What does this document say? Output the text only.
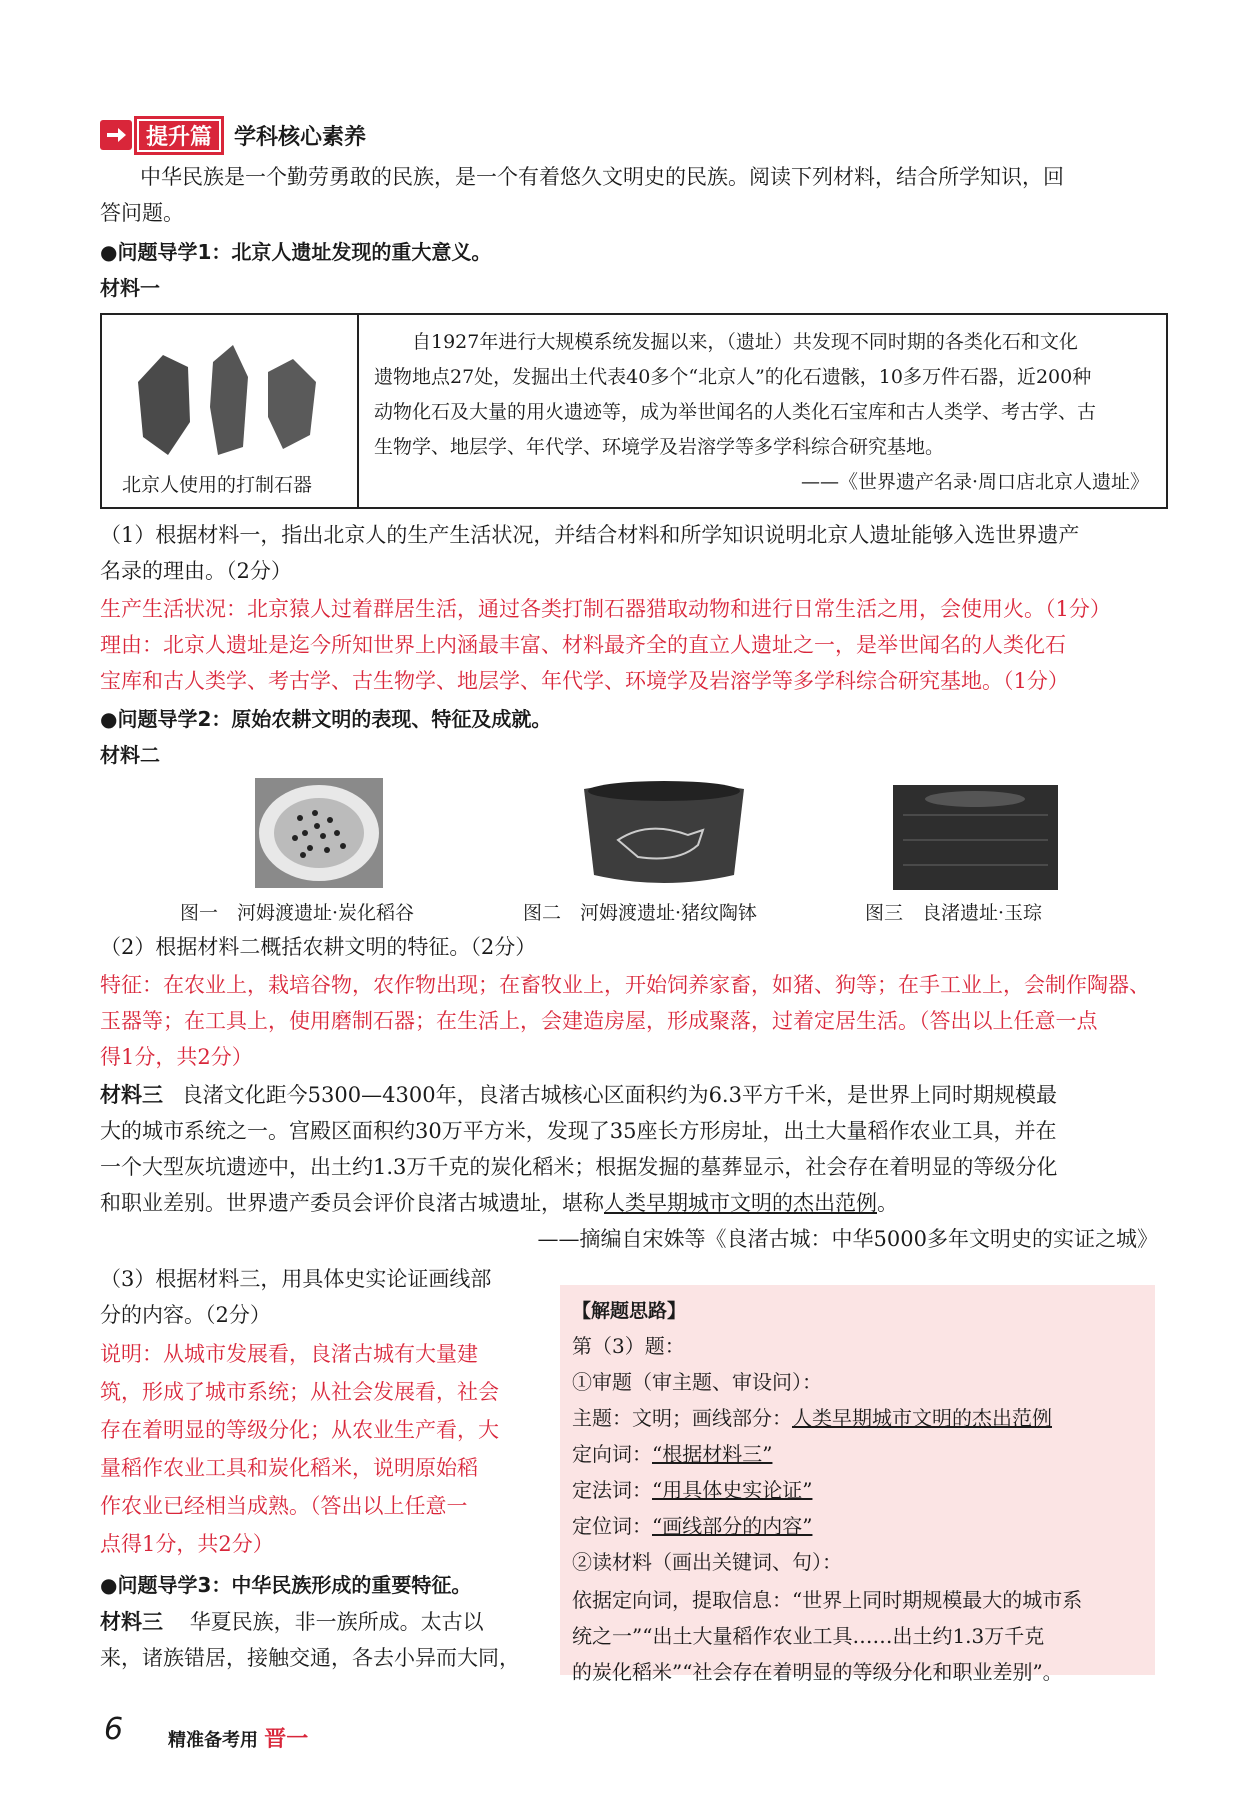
提升篇	学科核心素养
中华民族是一个勤劳勇敢的民族，是一个有着悠久文明史的民族。阅读下列材料，结合所学知识，回
答问题。
●问题导学1：北京人遗址发现的重大意义。
材料一
北京人使用的打制石器
自1927年进行大规模系统发掘以来，（遗址）共发现不同时期的各类化石和文化
遗物地点27处，发掘出土代表40多个“北京人”的化石遗骸，10多万件石器，近200种
动物化石及大量的用火遗迹等，成为举世闻名的人类化石宝库和古人类学、考古学、古
生物学、地层学、年代学、环境学及岩溶学等多学科综合研究基地。
——《世界遗产名录·周口店北京人遗址》
（1）根据材料一，指出北京人的生产生活状况，并结合材料和所学知识说明北京人遗址能够入选世界遗产
名录的理由。（2分）
生产生活状况：北京猿人过着群居生活，通过各类打制石器猎取动物和进行日常生活之用，会使用火。（1分）
理由：北京人遗址是迄今所知世界上内涵最丰富、材料最齐全的直立人遗址之一，是举世闻名的人类化石
宝库和古人类学、考古学、古生物学、地层学、年代学、环境学及岩溶学等多学科综合研究基地。（1分）
●问题导学2：原始农耕文明的表现、特征及成就。
材料二
图一　河姆渡遗址·炭化稻谷	图二　河姆渡遗址·猪纹陶钵	图三　良渚遗址·玉琮
（2）根据材料二概括农耕文明的特征。（2分）
特征：在农业上，栽培谷物，农作物出现；在畜牧业上，开始饲养家畜，如猪、狗等；在手工业上，会制作陶器、
玉器等；在工具上，使用磨制石器；在生活上，会建造房屋，形成聚落，过着定居生活。（答出以上任意一点
得1分，共2分）
材料三 良渚文化距今5300—4300年，良渚古城核心区面积约为6.3平方千米，是世界上同时期规模最
大的城市系统之一。宫殿区面积约30万平方米，发现了35座长方形房址，出土大量稻作农业工具，并在
一个大型灰坑遗迹中，出土约1.3万千克的炭化稻米；根据发掘的墓葬显示，社会存在着明显的等级分化
和职业差别。世界遗产委员会评价良渚古城遗址，堪称人类早期城市文明的杰出范例。
——摘编自宋姝等《良渚古城：中华5000多年文明史的实证之城》
（3）根据材料三，用具体史实论证画线部
分的内容。（2分）
说明：从城市发展看，良渚古城有大量建
筑，形成了城市系统；从社会发展看，社会
存在着明显的等级分化；从农业生产看，大
量稻作农业工具和炭化稻米，说明原始稻
作农业已经相当成熟。（答出以上任意一
点得1分，共2分）
●问题导学3：中华民族形成的重要特征。
材料三 华夏民族，非一族所成。太古以
来，诸族错居，接触交通，各去小异而大同，
【解题思路】
第（3）题：
①审题（审主题、审设问）：
主题：文明；画线部分：人类早期城市文明的杰出范例
定向词：“根据材料三”
定法词：“用具体史实论证”
定位词：“画线部分的内容”
②读材料（画出关键词、句）：
依据定向词，提取信息：“世界上同时期规模最大的城市系
统之一”“出土大量稻作农业工具……出土约1.3万千克
的炭化稻米”“社会存在着明显的等级分化和职业差别”。
6 精准备考用 晋一
